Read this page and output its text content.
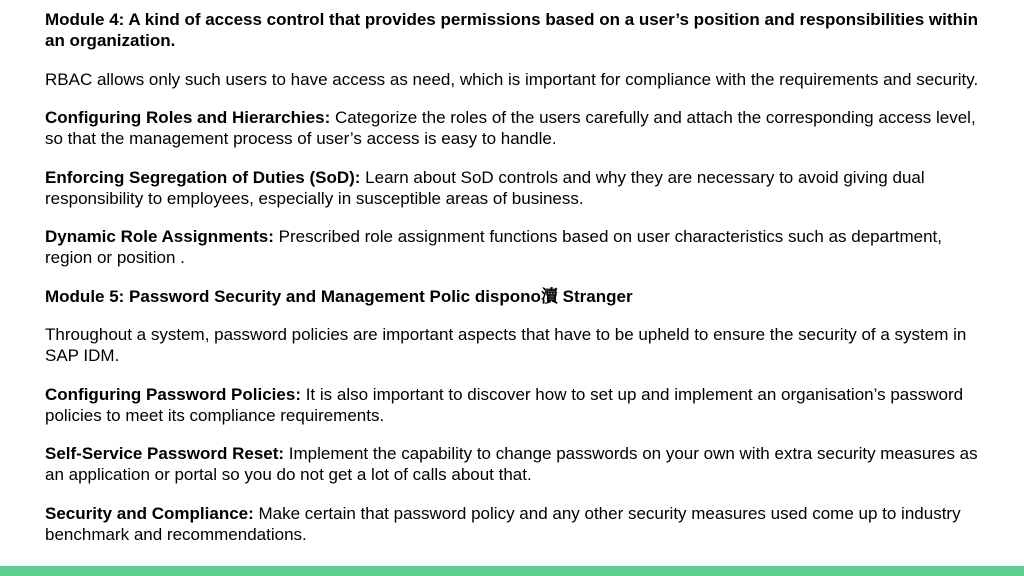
Module 4: A kind of access control that provides permissions based on a user’s position and responsibilities within an organization.

RBAC allows only such users to have access as need, which is important for compliance with the requirements and security.

Configuring Roles and Hierarchies: Categorize the roles of the users carefully and attach the corresponding access level, so that the management process of user’s access is easy to handle.

Enforcing Segregation of Duties (SoD): Learn about SoD controls and why they are necessary to avoid giving dual responsibility to employees, especially in susceptible areas of business.

Dynamic Role Assignments: Prescribed role assignment functions based on user characteristics such as department, region or position .

Module 5: Password Security and Management Polic dispono瀆 Stranger

Throughout a system, password policies are important aspects that have to be upheld to ensure the security of a system in SAP IDM.

Configuring Password Policies: It is also important to discover how to set up and implement an organisation’s password policies to meet its compliance requirements.

Self-Service Password Reset: Implement the capability to change passwords on your own with extra security measures as an application or portal so you do not get a lot of calls about that.

Security and Compliance: Make certain that password policy and any other security measures used come up to industry benchmark and recommendations.
